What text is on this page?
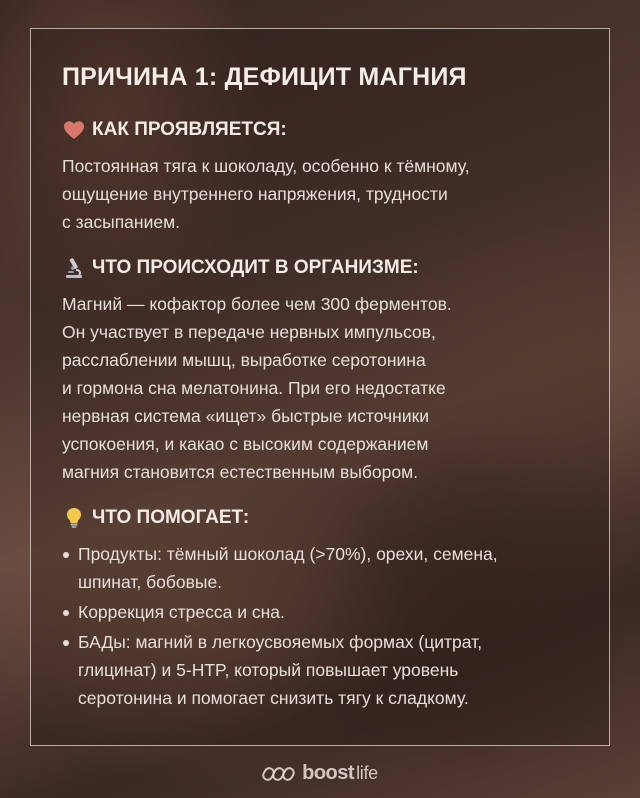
ПРИЧИНА 1: ДЕФИЦИТ МАГНИЯ
КАК ПРОЯВЛЯЕТСЯ:
Постоянная тяга к шоколаду, особенно к тёмному,
ощущение внутреннего напряжения, трудности
с засыпанием.
ЧТО ПРОИСХОДИТ В ОРГАНИЗМЕ:
Магний — кофактор более чем 300 ферментов.
Он участвует в передаче нервных импульсов,
расслаблении мышц, выработке серотонина
и гормона сна мелатонина. При его недостатке
нервная система «ищет» быстрые источники
успокоения, и какао с высоким содержанием
магния становится естественным выбором.
ЧТО ПОМОГАЕТ:
Продукты: тёмный шоколад (>70%), орехи, семена,
шпинат, бобовые.
Коррекция стресса и сна.
БАДы: магний в легкоусвояемых формах (цитрат,
глицинат) и 5-HTP, который повышает уровень
серотонина и помогает снизить тягу к сладкому.
boost life
